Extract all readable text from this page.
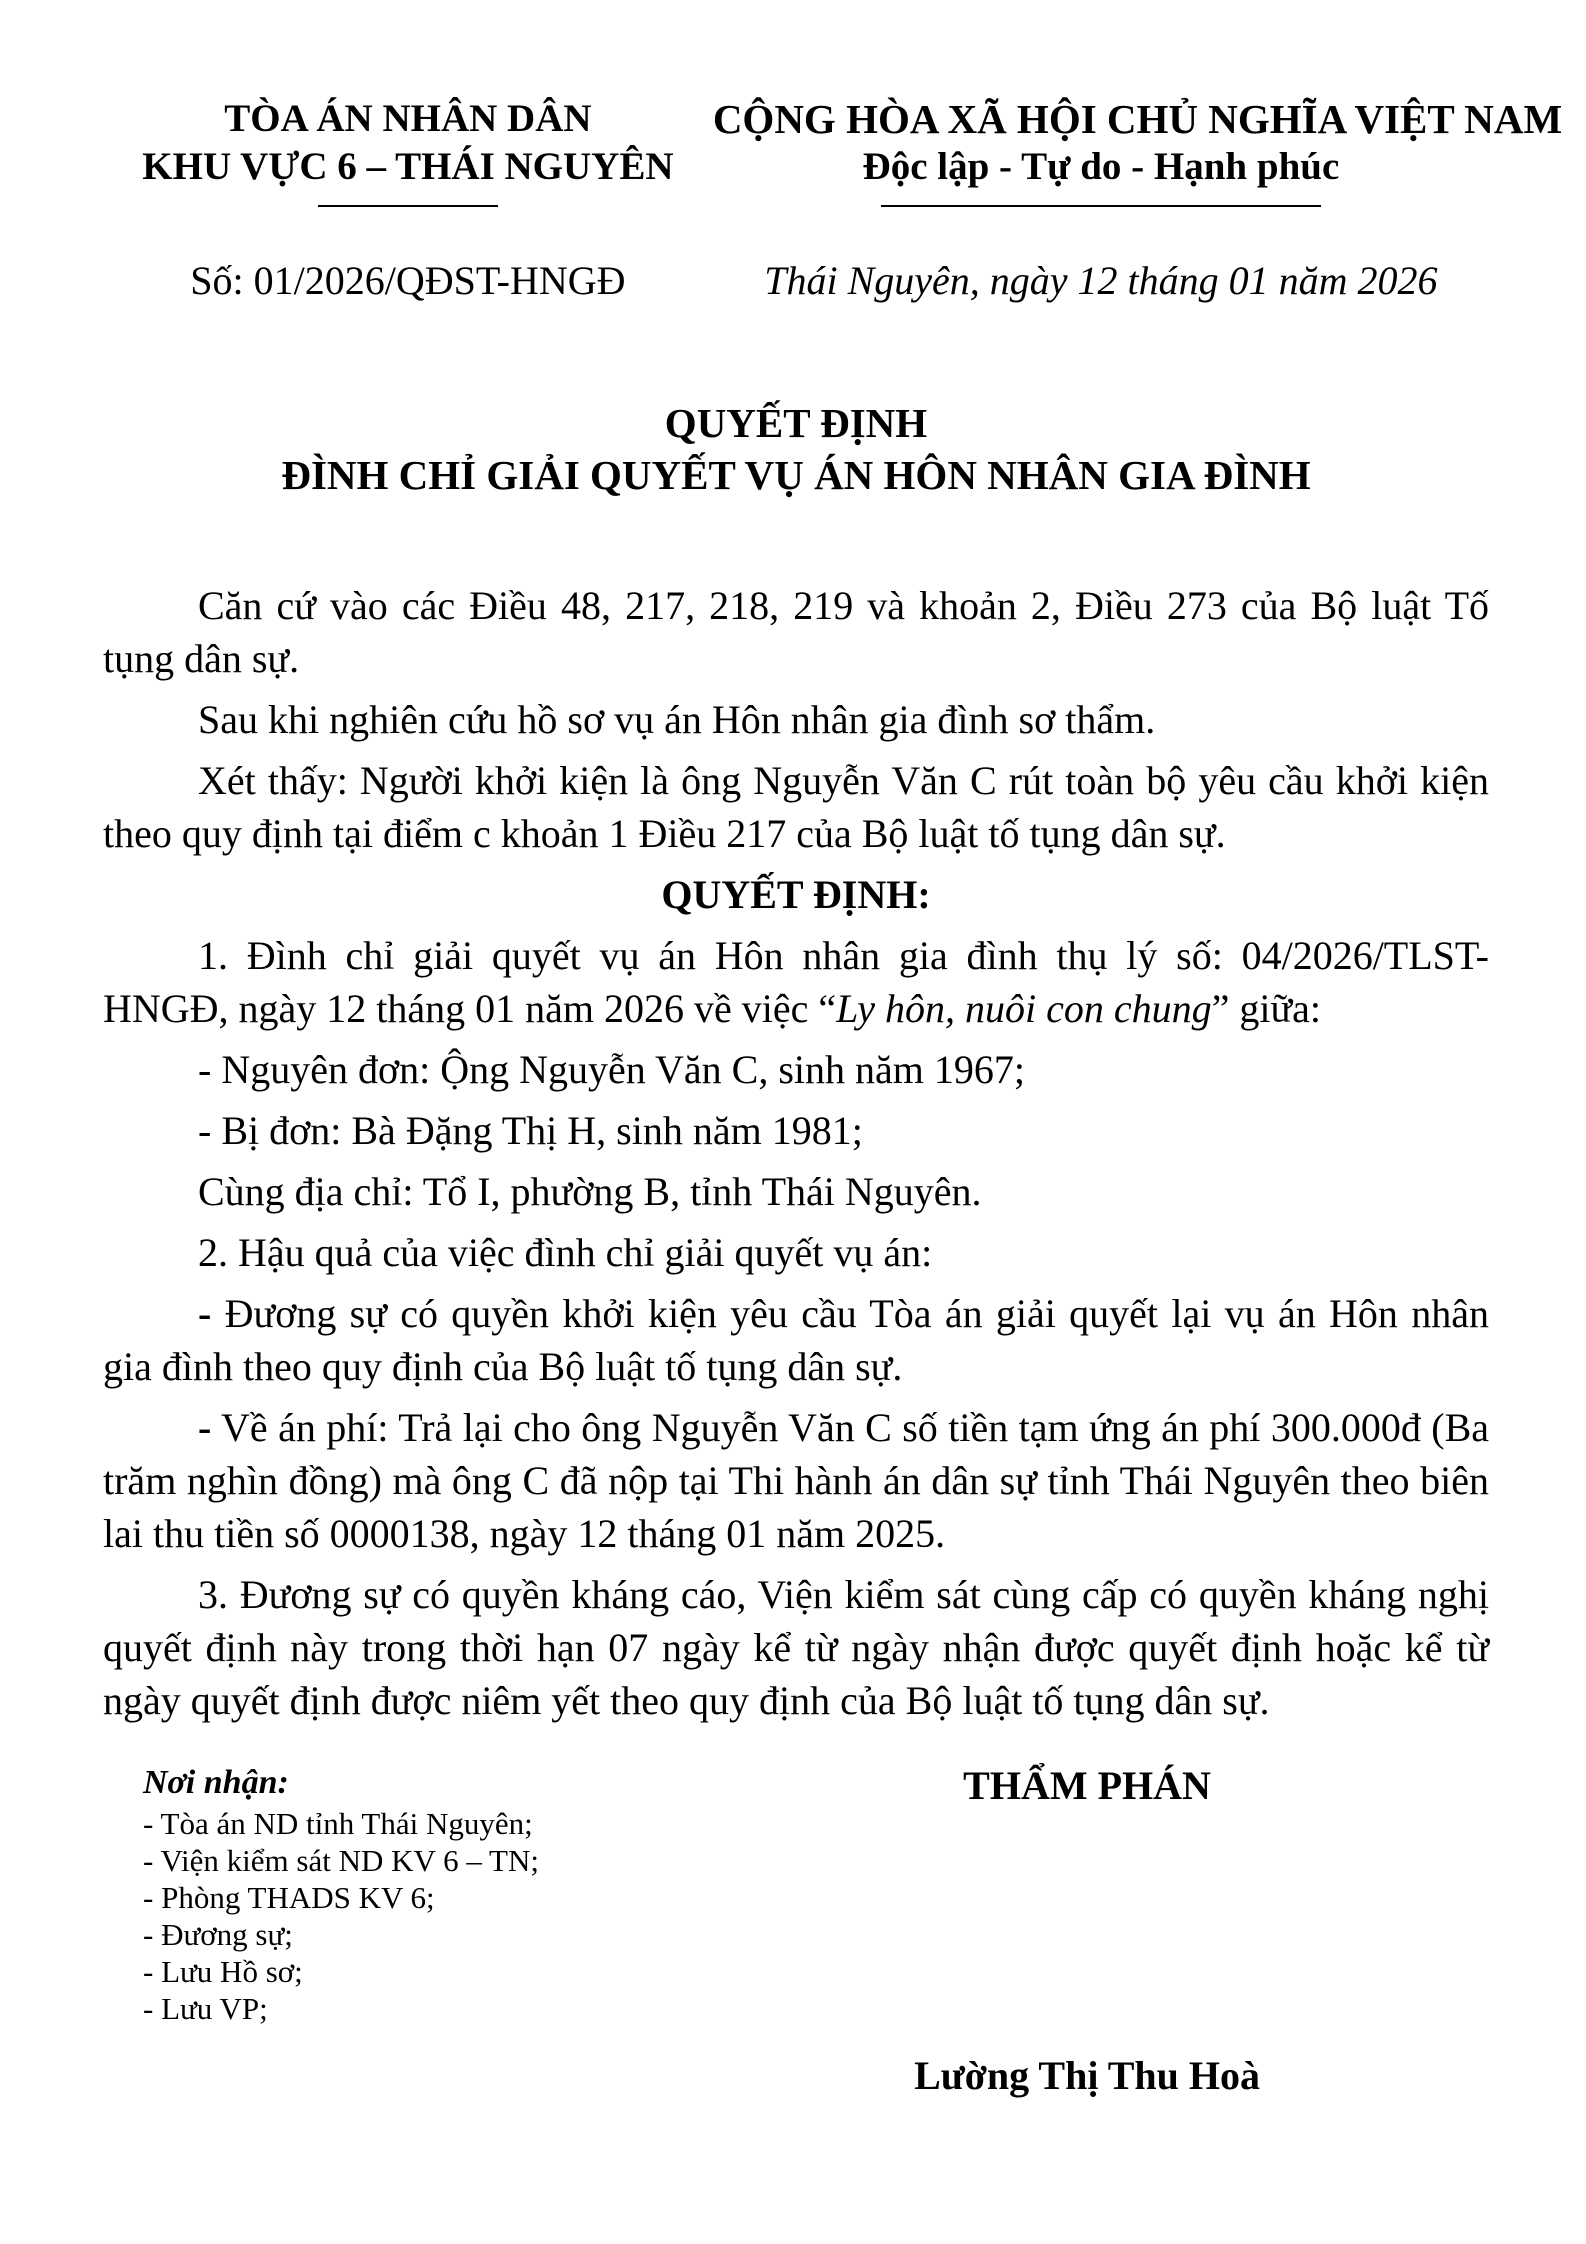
TÒA ÁN NHÂN DÂN
KHU VỰC 6 – THÁI NGUYÊN
CỘNG HÒA XÃ HỘI CHỦ NGHĨA VIỆT NAM
Độc lập - Tự do - Hạnh phúc
Số: 01/2026/QĐST-HNGĐ	Thái Nguyên, ngày 12 tháng 01 năm 2026
QUYẾT ĐỊNH
ĐÌNH CHỈ GIẢI QUYẾT VỤ ÁN HÔN NHÂN GIA ĐÌNH

Căn cứ vào các Điều 48, 217, 218, 219 và khoản 2, Điều 273 của Bộ luật Tố tụng dân sự.

Sau khi nghiên cứu hồ sơ vụ án Hôn nhân gia đình sơ thẩm.

Xét thấy: Người khởi kiện là ông Nguyễn Văn C rút toàn bộ yêu cầu khởi kiện theo quy định tại điểm c khoản 1 Điều 217 của Bộ luật tố tụng dân sự.

QUYẾT ĐỊNH:

1. Đình chỉ giải quyết vụ án Hôn nhân gia đình thụ lý số: 04/2026/TLST-HNGĐ, ngày 12 tháng 01 năm 2026 về việc “Ly hôn, nuôi con chung” giữa:

- Nguyên đơn: Ộng Nguyễn Văn C, sinh năm 1967;

- Bị đơn: Bà Đặng Thị H, sinh năm 1981;

Cùng địa chỉ: Tổ I, phường B, tỉnh Thái Nguyên.

2. Hậu quả của việc đình chỉ giải quyết vụ án:

- Đương sự có quyền khởi kiện yêu cầu Tòa án giải quyết lại vụ án Hôn nhân gia đình theo quy định của Bộ luật tố tụng dân sự.

- Về án phí: Trả lại cho ông Nguyễn Văn C số tiền tạm ứng án phí 300.000đ (Ba trăm nghìn đồng) mà ông C đã nộp tại Thi hành án dân sự tỉnh Thái Nguyên theo biên lai thu tiền số 0000138, ngày 12 tháng 01 năm 2025.

3. Đương sự có quyền kháng cáo, Viện kiểm sát cùng cấp có quyền kháng nghị quyết định này trong thời hạn 07 ngày kể từ ngày nhận được quyết định hoặc kể từ ngày quyết định được niêm yết theo quy định của Bộ luật tố tụng dân sự.

Nơi nhận:
- Tòa án ND tỉnh Thái Nguyên;
- Viện kiểm sát ND KV 6 – TN;
- Phòng THADS KV 6;
- Đương sự;
- Lưu Hồ sơ;
- Lưu VP;
THẨM PHÁN
Lường Thị Thu Hoà
